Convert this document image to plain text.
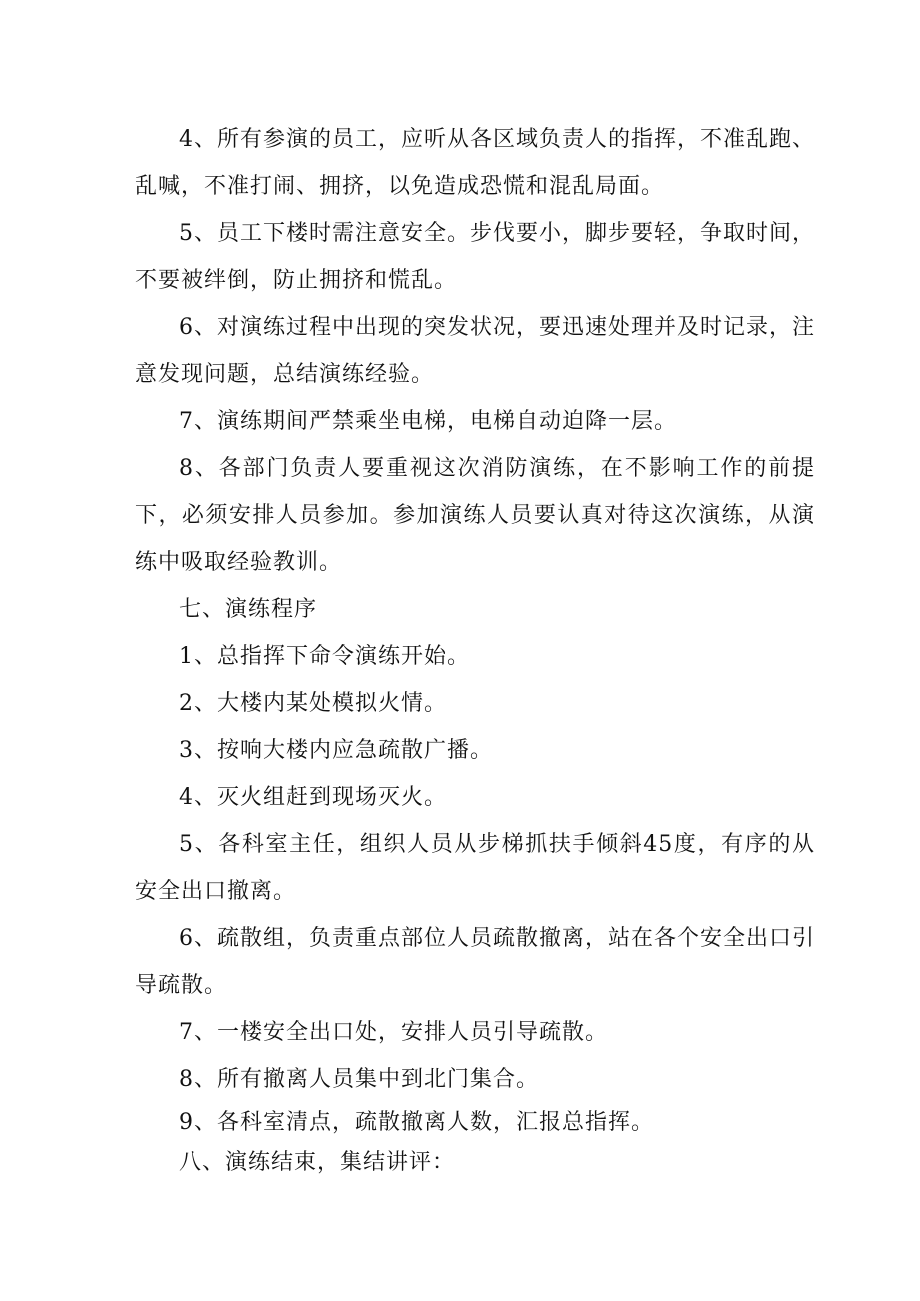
4、所有参演的员工，应听从各区域负责人的指挥，不准乱跑、乱喊，不准打闹、拥挤，以免造成恐慌和混乱局面。

5、员工下楼时需注意安全。步伐要小，脚步要轻，争取时间，不要被绊倒，防止拥挤和慌乱。

6、对演练过程中出现的突发状况，要迅速处理并及时记录，注意发现问题，总结演练经验。

7、演练期间严禁乘坐电梯，电梯自动迫降一层。

8、各部门负责人要重视这次消防演练，在不影响工作的前提下，必须安排人员参加。参加演练人员要认真对待这次演练，从演练中吸取经验教训。

七、演练程序

1、总指挥下命令演练开始。

2、大楼内某处模拟火情。

3、按响大楼内应急疏散广播。

4、灭火组赶到现场灭火。

5、各科室主任，组织人员从步梯抓扶手倾斜45度，有序的从安全出口撤离。

6、疏散组，负责重点部位人员疏散撤离，站在各个安全出口引导疏散。

7、一楼安全出口处，安排人员引导疏散。

8、所有撤离人员集中到北门集合。

9、各科室清点，疏散撤离人数，汇报总指挥。

八、演练结束，集结讲评：
